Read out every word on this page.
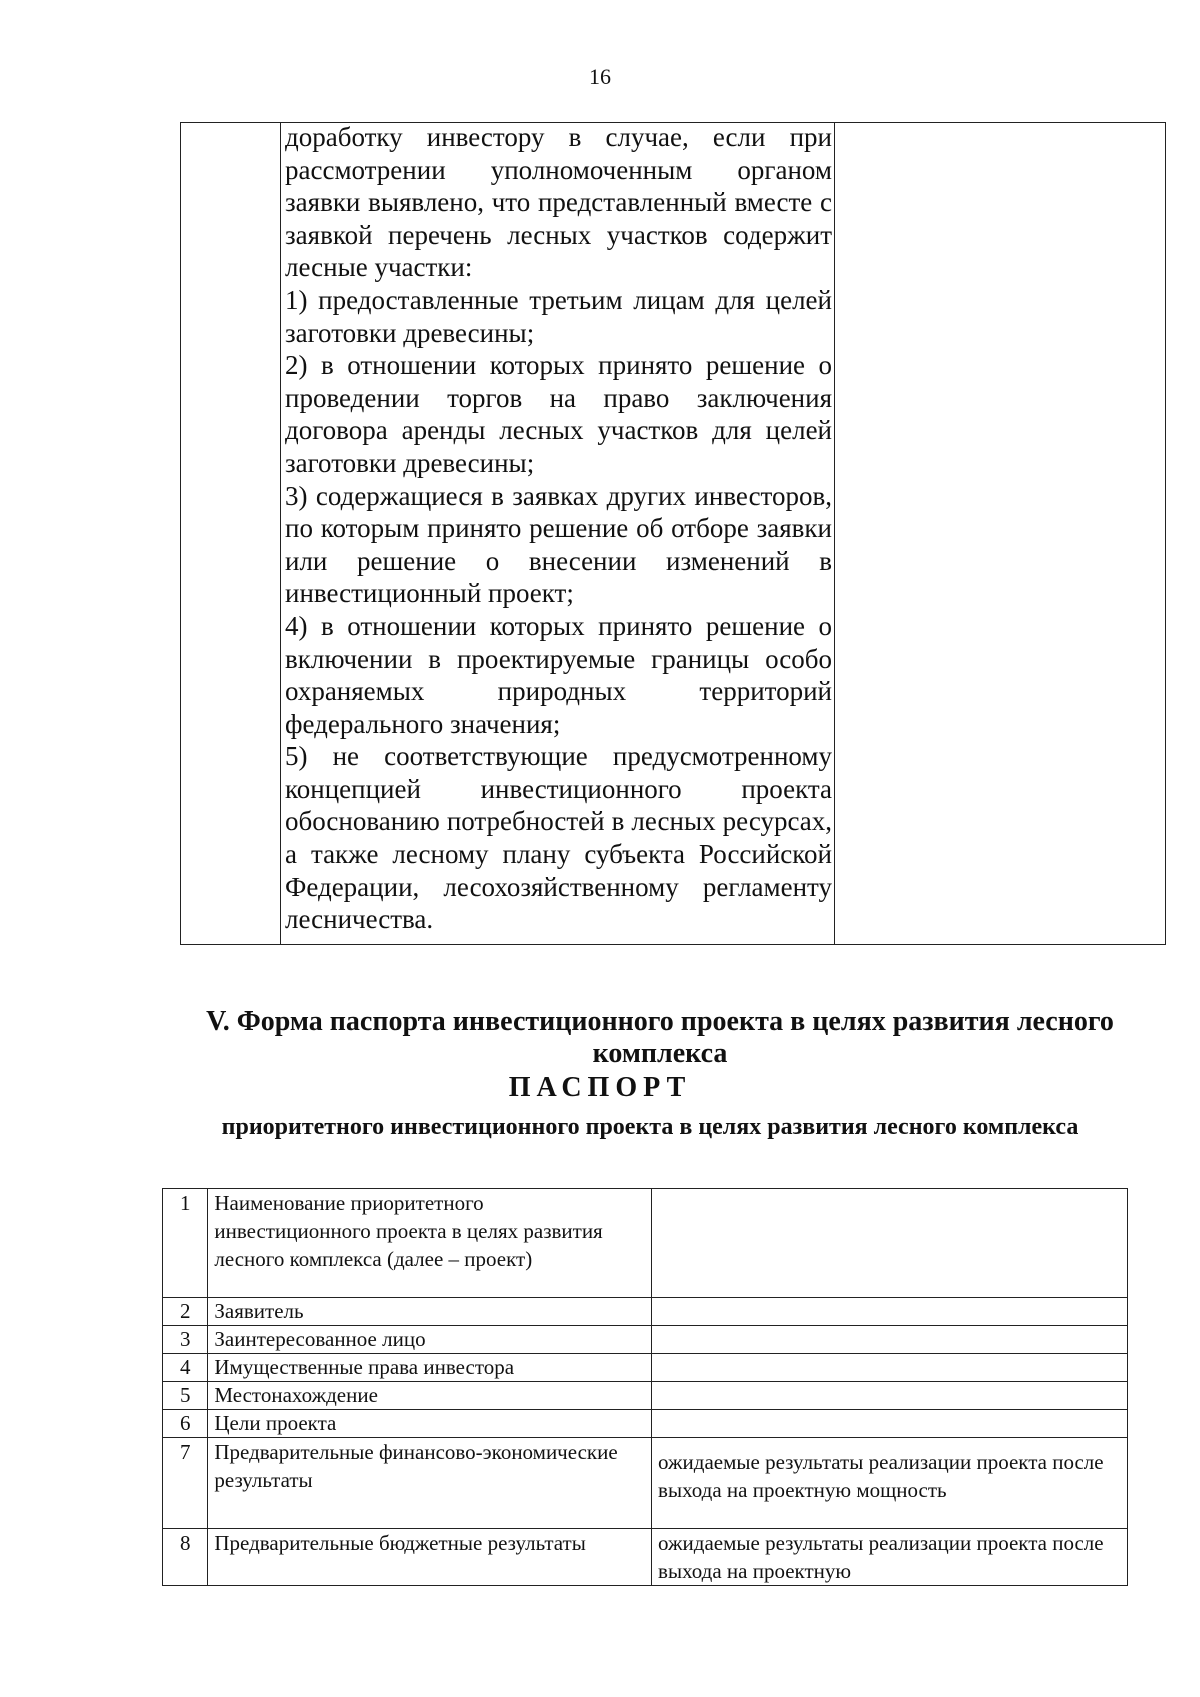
16

доработку инвестору в случае, если при рассмотрении уполномоченным органом заявки выявлено, что представленный вместе с заявкой перечень лесных участков содержит лесные участки:

1) предоставленные третьим лицам для целей заготовки древесины;

2) в отношении которых принято решение о проведении торгов на право заключения договора аренды лесных участков для целей заготовки древесины;

3) содержащиеся в заявках других инвесторов, по которым принято решение об отборе заявки или решение о внесении изменений в инвестиционный проект;

4) в отношении которых принято решение о включении в проектируемые границы особо охраняемых природных территорий федерального значения;

5) не соответствующие предусмотренному концепцией инвестиционного проекта обоснованию потребностей в лесных ресурсах, а также лесному плану субъекта Российской Федерации, лесохозяйственному регламенту лесничества.

V. Форма паспорта инвестиционного проекта в целях развития лесного комплекса
ПАСПОРТ
приоритетного инвестиционного проекта в целях развития лесного комплекса
1	Наименование приоритетного инвестиционного проекта в целях развития лесного комплекса (далее – проект)	
2	Заявитель	
3	Заинтересованное лицо	
4	Имущественные права инвестора	
5	Местонахождение	
6	Цели проекта	
7	Предварительные финансово-экономические результаты	ожидаемые результаты реализации проекта после выхода на проектную мощность

8	Предварительные бюджетные результаты	ожидаемые результаты реализации проекта после выхода на проектную
